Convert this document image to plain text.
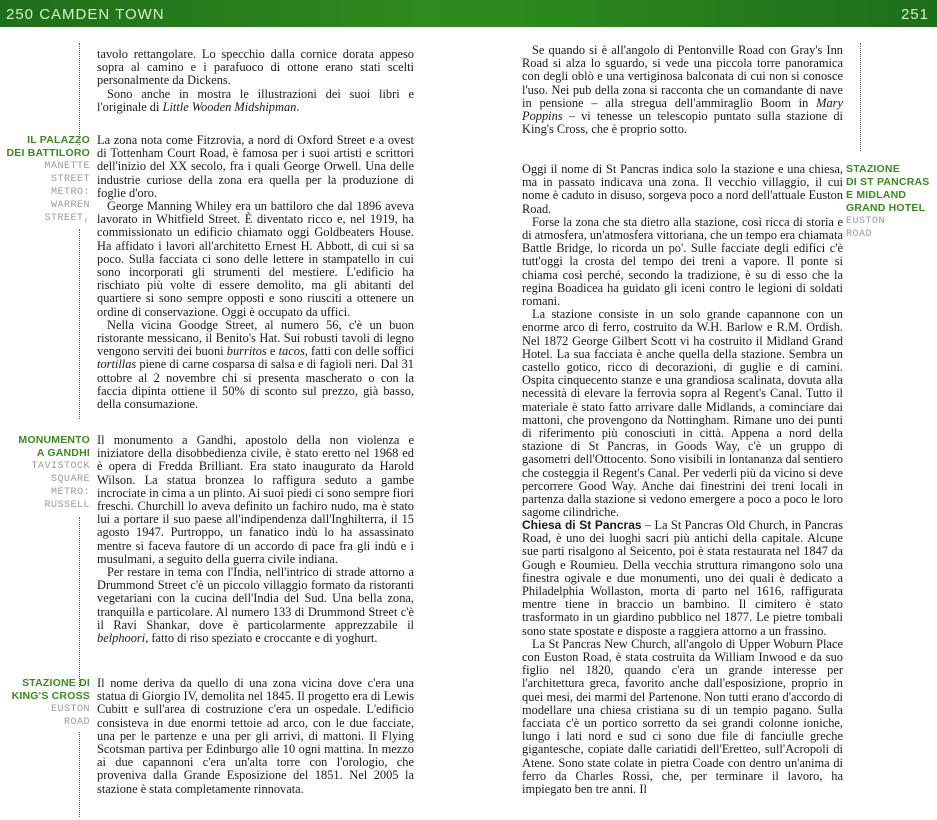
250 CAMDEN TOWN	251

tavolo rettangolare. Lo specchio dalla cornice dorata appeso sopra al camino e i parafuoco di ottone erano stati scelti personalmente da Dickens.

Sono anche in mostra le illustrazioni dei suoi libri e l'originale di Little Wooden Midshipman.

IL PALAZZO
DEI BATTILORO
MANETTE
STREET
METRO:
WARREN
STREET,

La zona nota come Fitzrovia, a nord di Oxford Street e a ovest di Tottenham Court Road, è famosa per i suoi artisti e scrittori dell'inizio del XX secolo, fra i quali George Orwell. Una delle industrie curiose della zona era quella per la produzione di foglie d'oro.

George Manning Whiley era un battiloro che dal 1896 aveva lavorato in Whitfield Street. È diventato ricco e, nel 1919, ha commissionato un edificio chiamato oggi Goldbeaters House. Ha affidato i lavori all'architetto Ernest H. Abbott, di cui si sa poco. Sulla facciata ci sono delle lettere in stampatello in cui sono incorporati gli strumenti del mestiere. L'edificio ha rischiato più volte di essere demolito, ma gli abitanti del quartiere si sono sempre opposti e sono riusciti a ottenere un ordine di conservazione. Oggi è occupato da uffici.

Nella vicina Goodge Street, al numero 56, c'è un buon ristorante messicano, il Benito's Hat. Sui robusti tavoli di legno vengono serviti dei buoni burritos e tacos, fatti con delle soffici tortillas piene di carne cosparsa di salsa e di fagioli neri. Dal 31 ottobre al 2 novembre chi si presenta mascherato o con la faccia dipinta ottiene il 50% di sconto sul prezzo, già basso, della consumazione.

MONUMENTO
A GANDHI
TAVISTOCK
SQUARE
METRO:
RUSSELL

Il monumento a Gandhi, apostolo della non violenza e iniziatore della disobbedienza civile, è stato eretto nel 1968 ed è opera di Fredda Brilliant. Era stato inaugurato da Harold Wilson. La statua bronzea lo raffigura seduto a gambe incrociate in cima a un plinto. Ai suoi piedi ci sono sempre fiori freschi. Churchill lo aveva definito un fachiro nudo, ma è stato lui a portare il suo paese all'indipendenza dall'Inghilterra, il 15 agosto 1947. Purtroppo, un fanatico indù lo ha assassinato mentre si faceva fautore di un accordo di pace fra gli indù e i musulmani, a seguito della guerra civile indiana.

Per restare in tema con l'India, nell'intrico di strade attorno a Drummond Street c'è un piccolo villaggio formato da ristoranti vegetariani con la cucina dell'India del Sud. Una bella zona, tranquilla e particolare. Al numero 133 di Drummond Street c'è il Ravi Shankar, dove è particolarmente apprezzabile il belphoori, fatto di riso speziato e croccante e di yoghurt.

STAZIONE DI
KING'S CROSS
EUSTON
ROAD

Il nome deriva da quello di una zona vicina dove c'era una statua di Giorgio IV, demolita nel 1845. Il progetto era di Lewis Cubitt e sull'area di costruzione c'era un ospedale. L'edificio consisteva in due enormi tettoie ad arco, con le due facciate, una per le partenze e una per gli arrivi, di mattoni. Il Flying Scotsman partiva per Edinburgo alle 10 ogni mattina. In mezzo ai due capannoni c'era un'alta torre con l'orologio, che proveniva dalla Grande Esposizione del 1851. Nel 2005 la stazione è stata completamente rinnovata.

Se quando si è all'angolo di Pentonville Road con Gray's Inn Road si alza lo sguardo, si vede una piccola torre panoramica con degli oblò e una vertiginosa balconata di cui non si conosce l'uso. Nei pub della zona si racconta che un comandante di nave in pensione – alla stregua dell'ammiraglio Boom in Mary Poppins – vi tenesse un telescopio puntato sulla stazione di King's Cross, che è proprio sotto.

STAZIONE
DI ST PANCRAS
E MIDLAND
GRAND HOTEL
EUSTON
ROAD

Oggi il nome di St Pancras indica solo la stazione e una chiesa, ma in passato indicava una zona. Il vecchio villaggio, il cui nome è caduto in disuso, sorgeva poco a nord dell'attuale Euston Road.

Forse la zona che sta dietro alla stazione, così ricca di storia e di atmosfera, un'atmosfera vittoriana, che un tempo era chiamata Battle Bridge, lo ricorda un po'. Sulle facciate degli edifici c'è tutt'oggi la crosta del tempo dei treni a vapore. Il ponte si chiama così perché, secondo la tradizione, è su di esso che la regina Boadicea ha guidato gli iceni contro le legioni di soldati romani.

La stazione consiste in un solo grande capannone con un enorme arco di ferro, costruito da W.H. Barlow e R.M. Ordish. Nel 1872 George Gilbert Scott vi ha costruito il Midland Grand Hotel. La sua facciata è anche quella della stazione. Sembra un castello gotico, ricco di decorazioni, di guglie e di camini. Ospita cinquecento stanze e una grandiosa scalinata, dovuta alla necessità di elevare la ferrovia sopra al Regent's Canal. Tutto il materiale è stato fatto arrivare dalle Midlands, a cominciare dai mattoni, che provengono da Nottingham. Rimane uno dei punti di riferimento più conosciuti in città. Appena a nord della stazione di St Pancras, in Goods Way, c'è un gruppo di gasometri dell'Ottocento. Sono visibili in lontananza dal sentiero che costeggia il Regent's Canal. Per vederli più da vicino si deve percorrere Good Way. Anche dai finestrini dei treni locali in partenza dalla stazione si vedono emergere a poco a poco le loro sagome cilindriche.

Chiesa di St Pancras – La St Pancras Old Church, in Pancras Road, è uno dei luoghi sacri più antichi della capitale. Alcune sue parti risalgono al Seicento, poi è stata restaurata nel 1847 da Gough e Roumieu. Della vecchia struttura rimangono solo una finestra ogivale e due monumenti, uno dei quali è dedicato a Philadelphia Wollaston, morta di parto nel 1616, raffigurata mentre tiene in braccio un bambino. Il cimitero è stato trasformato in un giardino pubblico nel 1877. Le pietre tombali sono state spostate e disposte a raggiera attorno a un frassino.

La St Pancras New Church, all'angolo di Upper Woburn Place con Euston Road, è stata costruita da William Inwood e da suo figlio nel 1820, quando c'era un grande interesse per l'architettura greca, favorito anche dall'esposizione, proprio in quei mesi, dei marmi del Partenone. Non tutti erano d'accordo di modellare una chiesa cristiana su di un tempio pagano. Sulla facciata c'è un portico sorretto da sei grandi colonne ioniche, lungo i lati nord e sud ci sono due file di fanciulle greche gigantesche, copiate dalle cariatidi dell'Eretteo, sull'Acropoli di Atene. Sono state colate in pietra Coade con dentro un'anima di ferro da Charles Rossi, che, per terminare il lavoro, ha impiegato ben tre anni. Il
